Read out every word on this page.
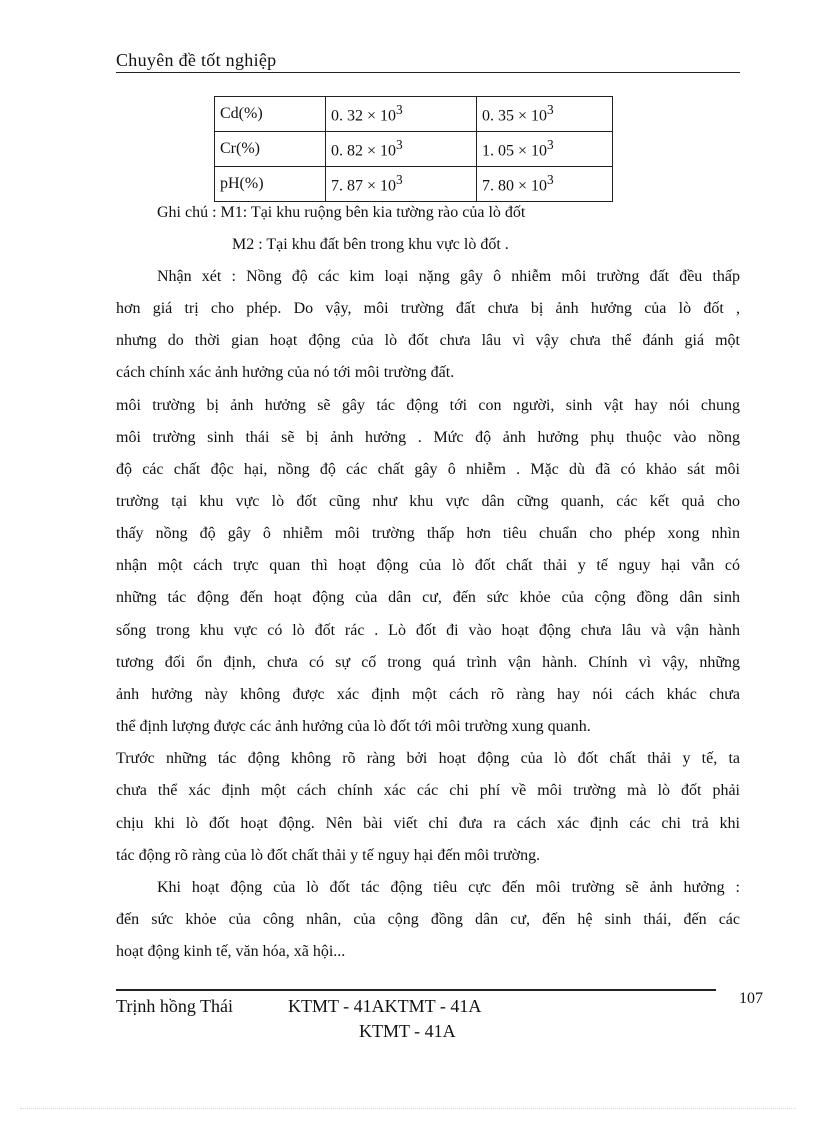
Chuyên đề tốt nghiệp
Cd(%)	0. $32 \times 10^3$	0. $35 \times 10^3$
Cr(%)	0. $82 \times 10^3$	1. $05 \times 10^3$
pH(%)	7. $87 \times 10^3$	7. $80 \times 10^3$
Ghi chú : M1: Tại khu ruộng bên kia tường rào của lò đốt
M2 : Tại khu đất bên trong khu vực lò đốt .
Nhận xét : Nồng độ các kim loại nặng gây ô nhiễm môi trường đất đều thấp
hơn giá trị cho phép. Do vậy, môi trường đất chưa bị ảnh hưởng của lò đốt ,
nhưng do thời gian hoạt động của lò đốt chưa lâu vì vậy chưa thể đánh giá một
cách chính xác ảnh hưởng của nó tới môi trường đất.
môi trường bị ảnh hưởng sẽ gây tác động tới con người, sinh vật hay nói chung
môi trường sinh thái sẽ bị ảnh hưởng . Mức độ ảnh hưởng phụ thuộc vào nồng
độ các chất độc hại, nồng độ các chất gây ô nhiễm . Mặc dù đã có khảo sát môi
trường tại khu vực lò đốt cũng như khu vực dân cững quanh, các kết quả cho
thấy nồng độ gây ô nhiễm môi trường thấp hơn tiêu chuẩn cho phép xong nhìn
nhận một cách trực quan thì hoạt động của lò đốt chất thải y tế nguy hại vẫn có
những tác động đến hoạt động của dân cư, đến sức khỏe của cộng đồng dân sinh
sống trong khu vực có lò đốt rác . Lò đốt đi vào hoạt động chưa lâu và vận hành
tương đối ổn định, chưa có sự cố trong quá trình vận hành. Chính vì vậy, những
ảnh hưởng này không được xác định một cách rõ ràng hay nói cách khác chưa
thể định lượng được các ảnh hưởng của lò đốt tới môi trường xung quanh.
Trước những tác động không rõ ràng bởi hoạt động của lò đốt chất thải y tế, ta
chưa thể xác định một cách chính xác các chi phí về môi trường mà lò đốt phải
chịu khi lò đốt hoạt động. Nên bài viết chỉ đưa ra cách xác định các chi trả khi
tác động rõ ràng của lò đốt chất thải y tế nguy hại đến môi trường.
Khi hoạt động của lò đốt tác động tiêu cực đến môi trường sẽ ảnh hưởng :
đến sức khỏe của công nhân, của cộng đồng dân cư, đến hệ sinh thái, đến các
hoạt động kinh tế, văn hóa, xã hội...
Trịnh hồng Thái	KTMT - 41AKTMT - 41A
KTMT - 41A
107
